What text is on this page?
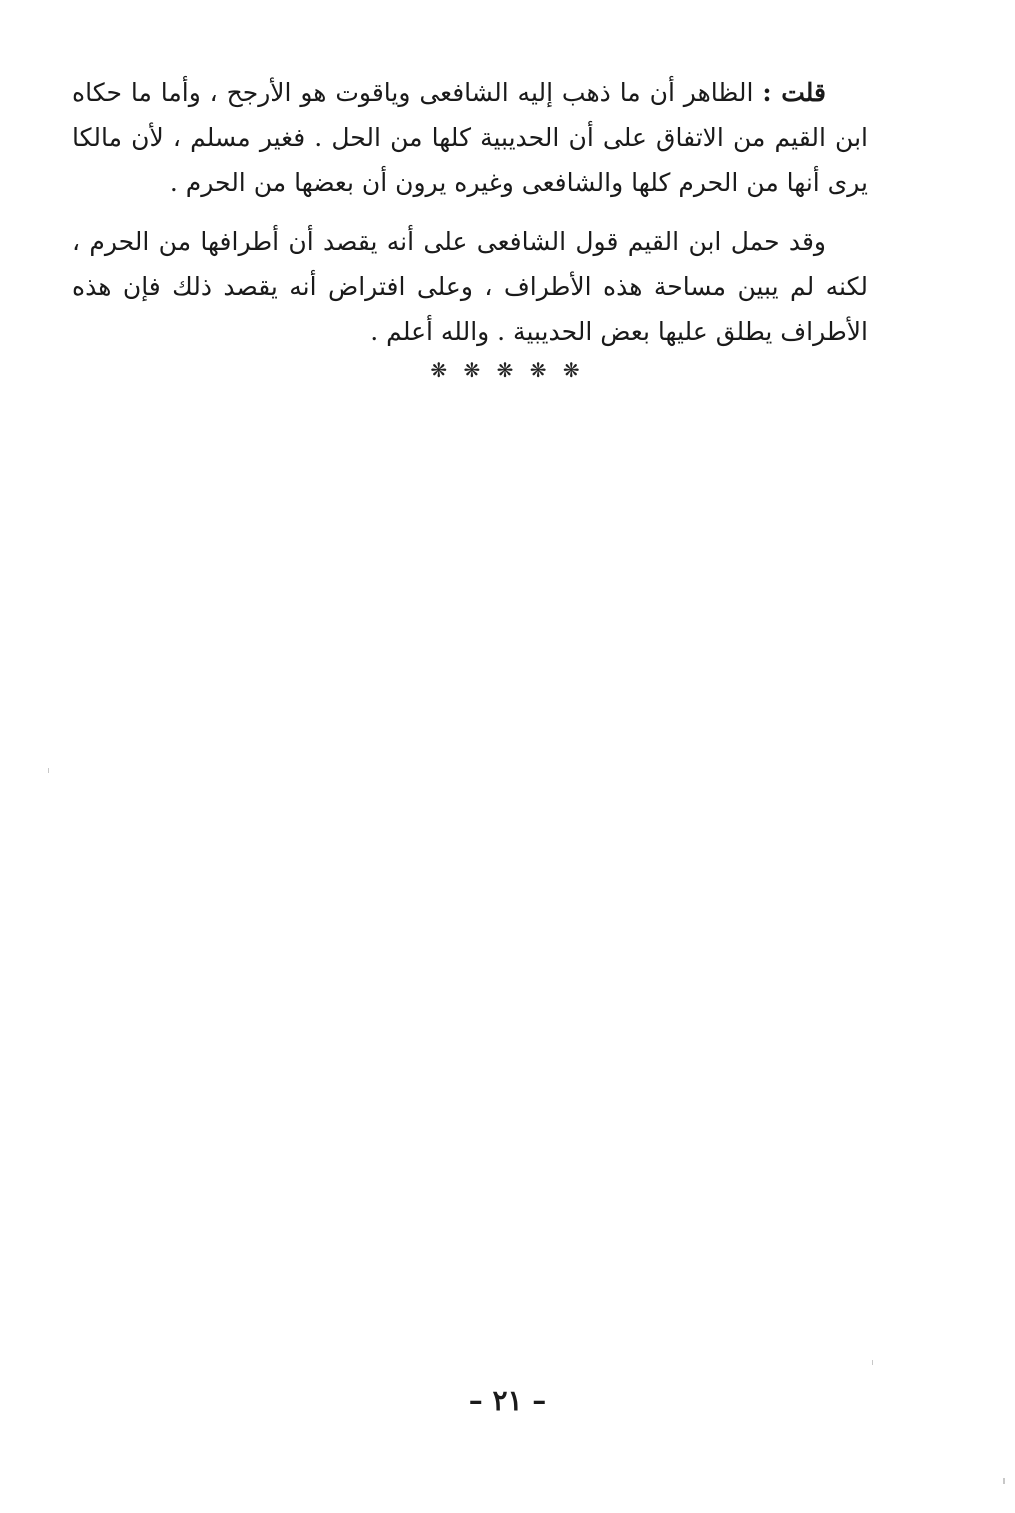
قلت : الظاهر أن ما ذهب إليه الشافعى وياقوت هو الأرجح ، وأما ما حكاه ابن القيم من الاتفاق على أن الحديبية كلها من الحل . فغير مسلم ، لأن مالكا يرى أنها من الحرم كلها والشافعى وغيره يرون أن بعضها من الحرم .

وقد حمل ابن القيم قول الشافعى على أنه يقصد أن أطرافها من الحرم ، لكنه لم يبين مساحة هذه الأطراف ، وعلى افتراض أنه يقصد ذلك فإن هذه الأطراف يطلق عليها بعض الحديبية . والله أعلم .

❋ ❋ ❋ ❋ ❋
– ٢١ –
